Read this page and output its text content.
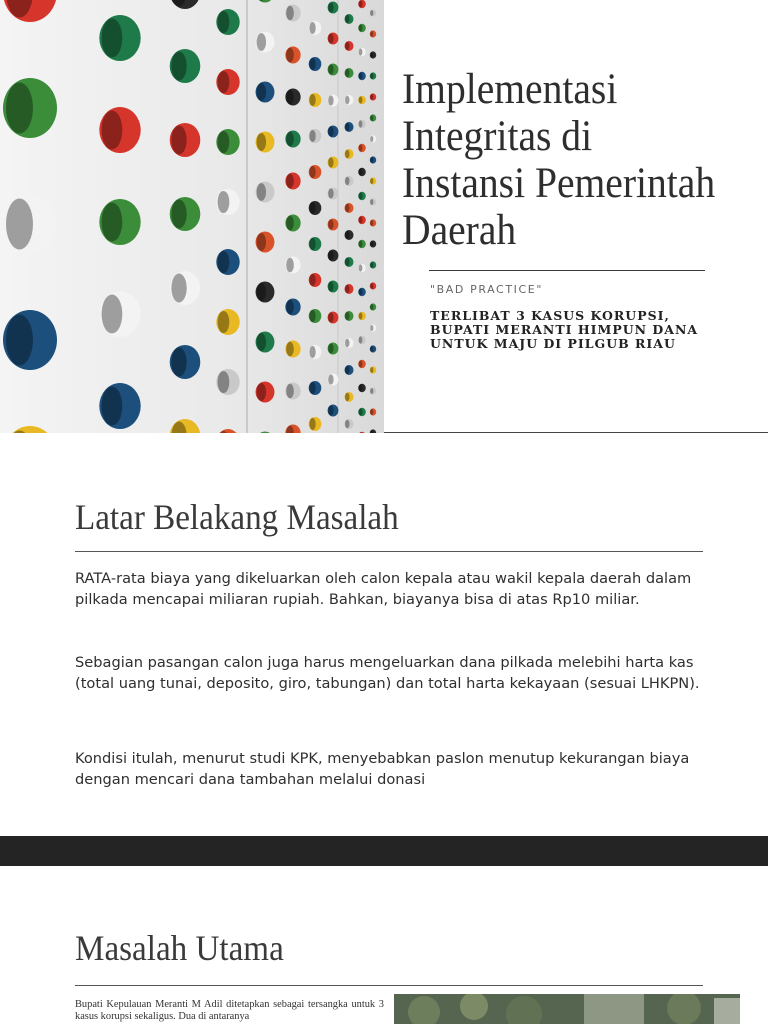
Implementasi Integritas di Instansi Pemerintah Daerah
"BAD PRACTICE"

TERLIBAT 3 KASUS KORUPSI, BUPATI MERANTI HIMPUN DANA UNTUK MAJU DI PILGUB RIAU

Latar Belakang Masalah

RATA-rata biaya yang dikeluarkan oleh calon kepala atau wakil kepala daerah dalam pilkada mencapai miliaran rupiah. Bahkan, biayanya bisa di atas Rp10 miliar.

Sebagian pasangan calon juga harus mengeluarkan dana pilkada melebihi harta kas (total uang tunai, deposito, giro, tabungan) dan total harta kekayaan (sesuai LHKPN).

Kondisi itulah, menurut studi KPK, menyebabkan paslon menutup kekurangan biaya dengan mencari dana tambahan melalui donasi

Masalah Utama

Bupati Kepulauan Meranti M Adil ditetapkan sebagai tersangka untuk 3 kasus korupsi sekaligus. Dua di antaranya
